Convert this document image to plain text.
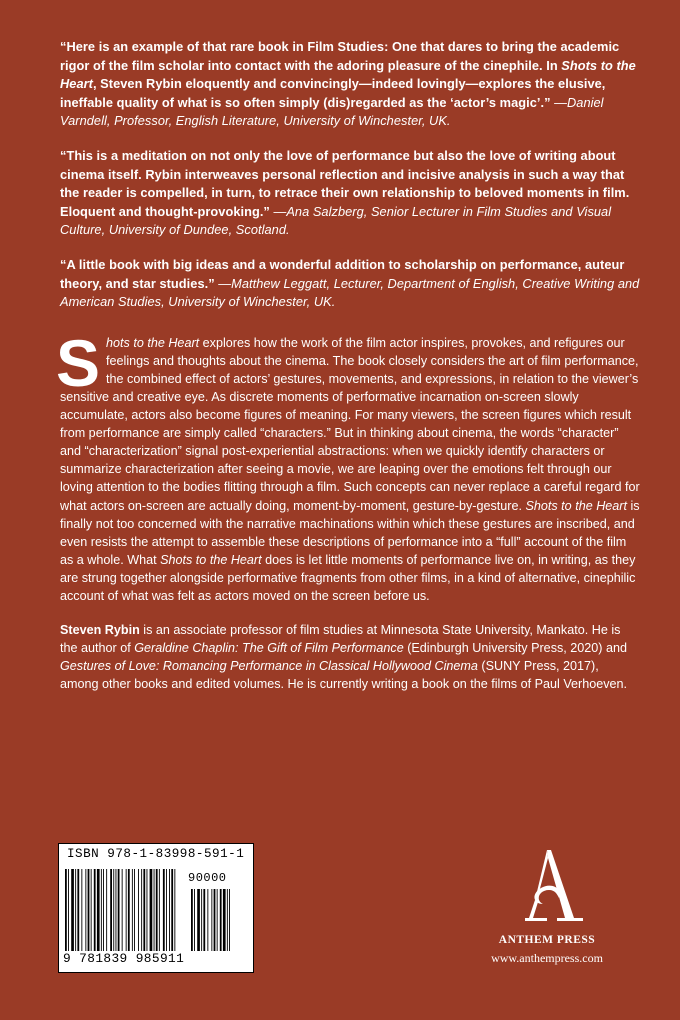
“Here is an example of that rare book in Film Studies: One that dares to bring the academic rigor of the film scholar into contact with the adoring pleasure of the cinephile. In Shots to the Heart, Steven Rybin eloquently and convincingly—indeed lovingly—explores the elusive, ineffable quality of what is so often simply (dis)regarded as the ‘actor’s magic’.” —Daniel Varndell, Professor, English Literature, University of Winchester, UK.

“This is a meditation on not only the love of performance but also the love of writing about cinema itself. Rybin interweaves personal reflection and incisive analysis in such a way that the reader is compelled, in turn, to retrace their own relationship to beloved moments in film. Eloquent and thought-provoking.” —Ana Salzberg, Senior Lecturer in Film Studies and Visual Culture, University of Dundee, Scotland.

“A little book with big ideas and a wonderful addition to scholarship on performance, auteur theory, and star studies.” —Matthew Leggatt, Lecturer, Department of English, Creative Writing and American Studies, University of Winchester, UK.

Shots to the Heart explores how the work of the film actor inspires, provokes, and refigures our feelings and thoughts about the cinema. The book closely considers the art of film performance, the combined effect of actors’ gestures, movements, and expressions, in relation to the viewer’s sensitive and creative eye. As discrete moments of performative incarnation on-screen slowly accumulate, actors also become figures of meaning. For many viewers, the screen figures which result from performance are simply called “characters.” But in thinking about cinema, the words “character” and “characterization” signal post-experiential abstractions: when we quickly identify characters or summarize characterization after seeing a movie, we are leaping over the emotions felt through our loving attention to the bodies flitting through a film. Such concepts can never replace a careful regard for what actors on-screen are actually doing, moment-by-moment, gesture-by-gesture. Shots to the Heart is finally not too concerned with the narrative machinations within which these gestures are inscribed, and even resists the attempt to assemble these descriptions of performance into a “full” account of the film as a whole. What Shots to the Heart does is let little moments of performance live on, in writing, as they are strung together alongside performative fragments from other films, in a kind of alternative, cinephilic account of what was felt as actors moved on the screen before us.
Steven Rybin is an associate professor of film studies at Minnesota State University, Mankato. He is the author of Geraldine Chaplin: The Gift of Film Performance (Edinburgh University Press, 2020) and Gestures of Love: Romancing Performance in Classical Hollywood Cinema (SUNY Press, 2017), among other books and edited volumes. He is currently writing a book on the films of Paul Verhoeven.
ISBN 978-1-83998-591-1
90000
9 781839 985911
ANTHEM PRESS
www.anthempress.com
